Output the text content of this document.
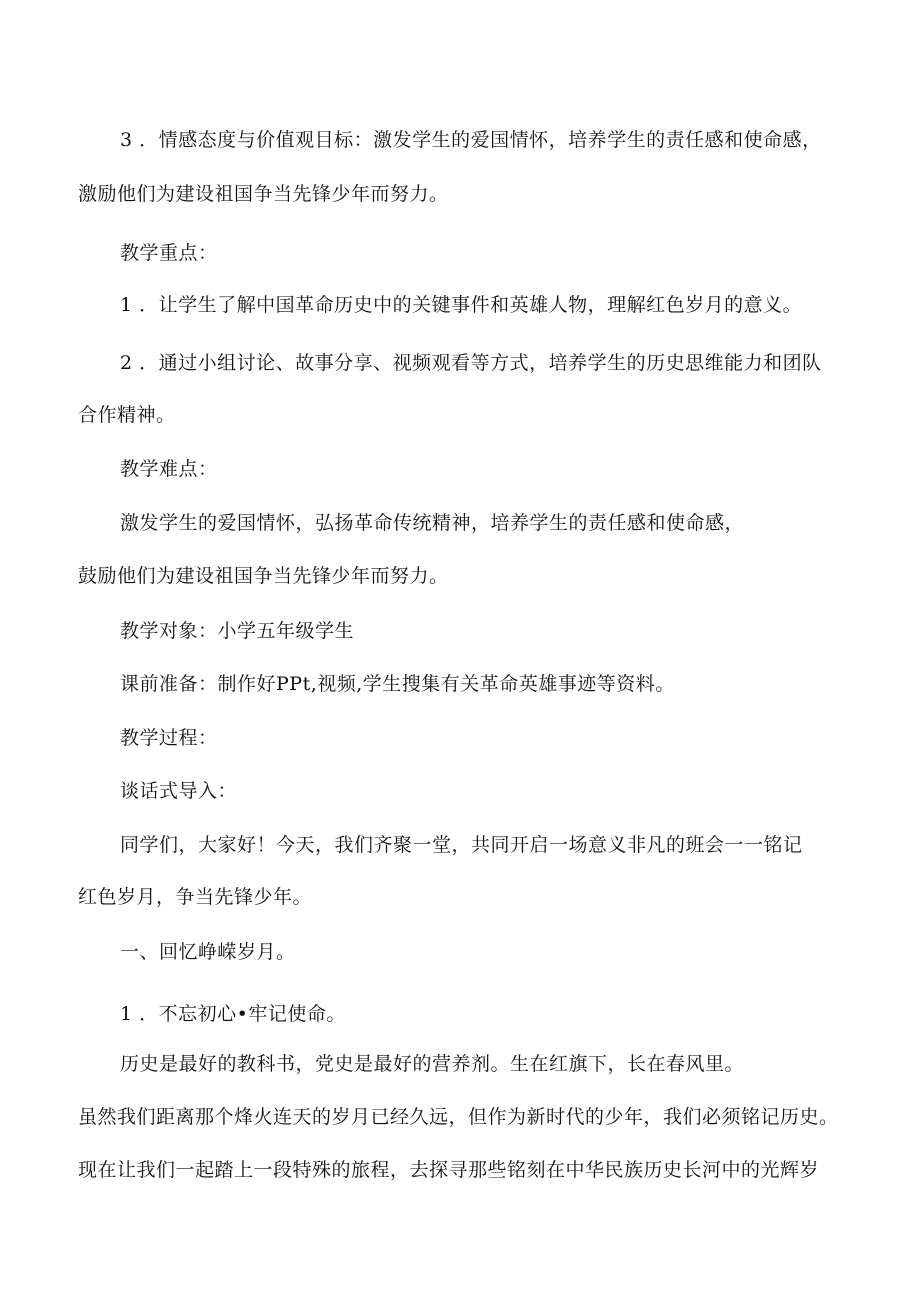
3 ．情感态度与价值观目标：激发学生的爱国情怀，培养学生的责任感和使命感，
激励他们为建设祖国争当先锋少年而努力。
教学重点：
1 ．让学生了解中国革命历史中的关键事件和英雄人物，理解红色岁月的意义。
2 ．通过小组讨论、故事分享、视频观看等方式，培养学生的历史思维能力和团队
合作精神。
教学难点：
激发学生的爱国情怀，弘扬革命传统精神，培养学生的责任感和使命感，
鼓励他们为建设祖国争当先锋少年而努力。
教学对象：小学五年级学生
课前准备：制作好PPt,视频,学生搜集有关革命英雄事迹等资料。
教学过程：
谈话式导入：
同学们，大家好！今天，我们齐聚一堂，共同开启一场意义非凡的班会一一铭记
红色岁月，争当先锋少年。
一、回忆峥嵘岁月。
1 ．不忘初心•牢记使命。
历史是最好的教科书，党史是最好的营养剂。生在红旗下，长在春风里。
虽然我们距离那个烽火连天的岁月已经久远，但作为新时代的少年，我们必须铭记历史。
现在让我们一起踏上一段特殊的旅程，去探寻那些铭刻在中华民族历史长河中的光辉岁
